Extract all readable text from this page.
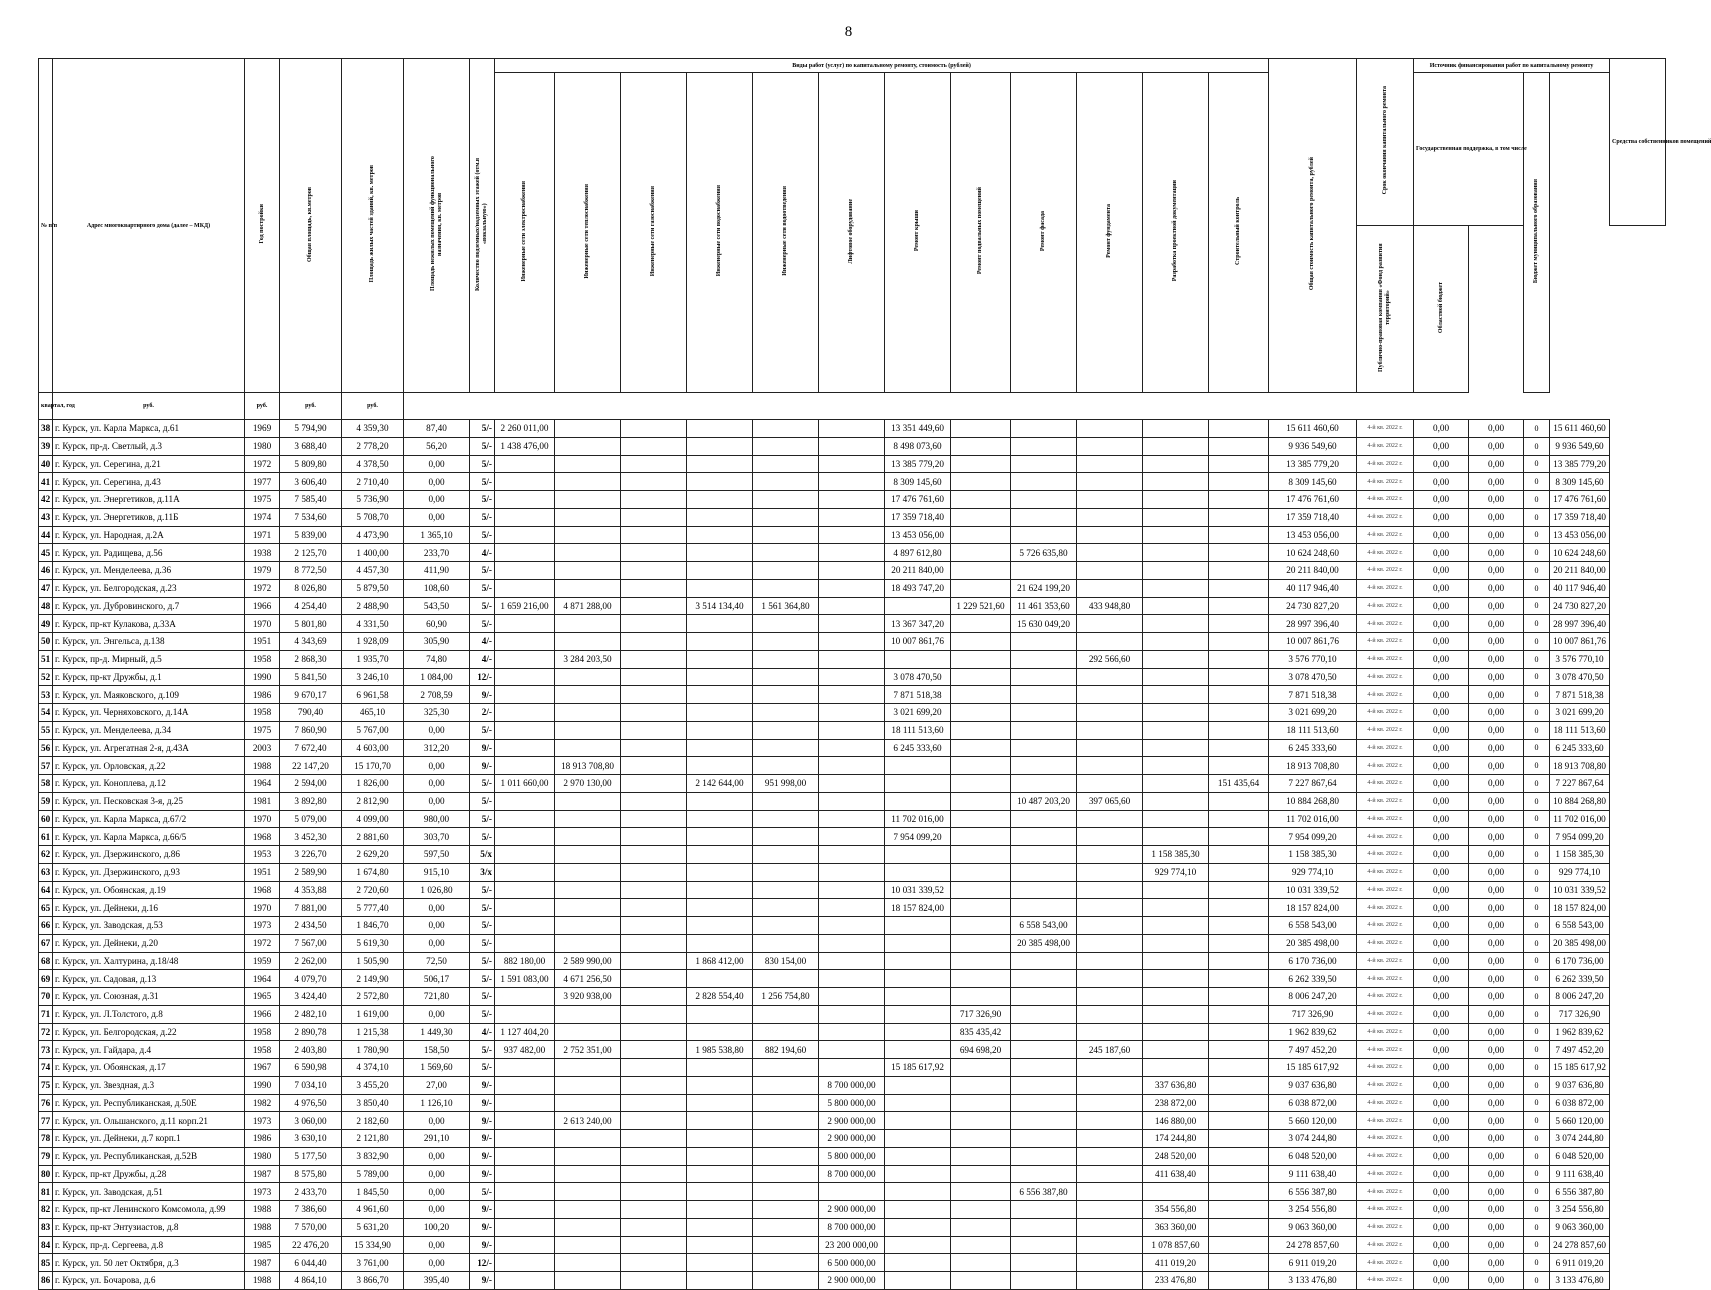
8
№ п/п	Адрес многоквартирного дома (далее – МКД)	Год постройки	Общая площадь, кв.метров	Площадь жилых частей зданий, кв. метров	Площадь нежилых помещений функционального назначения, кв. метров	Количество подземных/надземных этажей (отм.в «вокзальную»)	Виды работ (услуг) по капитальному ремонту, стоимость (рублей)												Общая стоимость капитального ремонта, рублей	Срок окончания капитального ремонта	Источник финансирования работ по капитальному ремонту				Средства собственников помещений
							Инженерные сети электроснабжения	Инженерные сети теплоснабжения	Инженерные сети газоснабжения	Инженерные сети водоснабжения	Инженерные сети водоотведения	Лифтовое оборудование	Ремонт крыши	Ремонт подвальных помещений	Ремонт фасада	Ремонт фундамента	Разработка проектной документации	Строительный контроль			Государственная поддержка, в том числе		Бюджет муниципального образования		
																				Публично-правовая компания «Фонд развития территорий»	Областной бюджет				
квартал, год	руб.	руб.	руб.	руб.																					
38	г. Курск, ул. Карла Маркса, д.61	1969	5 794,90	4 359,30	87,40	5/-	2 260 011,00						13 351 449,60						15 611 460,60	4-й кв. 2022 г.	0,00	0,00	0	15 611 460,60	
39	г. Курск, пр-д. Светлый, д.3	1980	3 688,40	2 778,20	56,20	5/-	1 438 476,00						8 498 073,60						9 936 549,60	4-й кв. 2022 г.	0,00	0,00	0	9 936 549,60	
40	г. Курск, ул. Серегина, д.21	1972	5 809,80	4 378,50	0,00	5/-							13 385 779,20						13 385 779,20	4-й кв. 2022 г.	0,00	0,00	0	13 385 779,20	
41	г. Курск, ул. Серегина, д.43	1977	3 606,40	2 710,40	0,00	5/-							8 309 145,60						8 309 145,60	4-й кв. 2022 г.	0,00	0,00	0	8 309 145,60	
42	г. Курск, ул. Энергетиков, д.11А	1975	7 585,40	5 736,90	0,00	5/-							17 476 761,60						17 476 761,60	4-й кв. 2022 г.	0,00	0,00	0	17 476 761,60	
43	г. Курск, ул. Энергетиков, д.11Б	1974	7 534,60	5 708,70	0,00	5/-							17 359 718,40						17 359 718,40	4-й кв. 2022 г.	0,00	0,00	0	17 359 718,40	
44	г. Курск, ул. Народная, д.2А	1971	5 839,00	4 473,90	1 365,10	5/-							13 453 056,00						13 453 056,00	4-й кв. 2022 г.	0,00	0,00	0	13 453 056,00	
45	г. Курск, ул. Радищева, д.56	1938	2 125,70	1 400,00	233,70	4/-							4 897 612,80		5 726 635,80				10 624 248,60	4-й кв. 2022 г.	0,00	0,00	0	10 624 248,60	
46	г. Курск, ул. Менделеева, д.36	1979	8 772,50	4 457,30	411,90	5/-							20 211 840,00						20 211 840,00	4-й кв. 2022 г.	0,00	0,00	0	20 211 840,00	
47	г. Курск, ул. Белгородская, д.23	1972	8 026,80	5 879,50	108,60	5/-							18 493 747,20		21 624 199,20				40 117 946,40	4-й кв. 2022 г.	0,00	0,00	0	40 117 946,40	
48	г. Курск, ул. Дубровинского, д.7	1966	4 254,40	2 488,90	543,50	5/-	1 659 216,00	4 871 288,00		3 514 134,40	1 561 364,80			1 229 521,60	11 461 353,60	433 948,80			24 730 827,20	4-й кв. 2022 г.	0,00	0,00	0	24 730 827,20	
49	г. Курск, пр-кт Кулакова, д.33А	1970	5 801,80	4 331,50	60,90	5/-							13 367 347,20		15 630 049,20				28 997 396,40	4-й кв. 2022 г.	0,00	0,00	0	28 997 396,40	
50	г. Курск, ул. Энгельса, д.138	1951	4 343,69	1 928,09	305,90	4/-							10 007 861,76						10 007 861,76	4-й кв. 2022 г.	0,00	0,00	0	10 007 861,76	
51	г. Курск, пр-д. Мирный, д.5	1958	2 868,30	1 935,70	74,80	4/-		3 284 203,50								292 566,60			3 576 770,10	4-й кв. 2022 г.	0,00	0,00	0	3 576 770,10	
52	г. Курск, пр-кт Дружбы, д.1	1990	5 841,50	3 246,10	1 084,00	12/-							3 078 470,50						3 078 470,50	4-й кв. 2022 г.	0,00	0,00	0	3 078 470,50	
53	г. Курск, ул. Маяковского, д.109	1986	9 670,17	6 961,58	2 708,59	9/-							7 871 518,38						7 871 518,38	4-й кв. 2022 г.	0,00	0,00	0	7 871 518,38	
54	г. Курск, ул. Черняховского, д.14А	1958	790,40	465,10	325,30	2/-							3 021 699,20						3 021 699,20	4-й кв. 2022 г.	0,00	0,00	0	3 021 699,20	
55	г. Курск, ул. Менделеева, д.34	1975	7 860,90	5 767,00	0,00	5/-							18 111 513,60						18 111 513,60	4-й кв. 2022 г.	0,00	0,00	0	18 111 513,60	
56	г. Курск, ул. Агрегатная 2-я, д.43А	2003	7 672,40	4 603,00	312,20	9/-							6 245 333,60						6 245 333,60	4-й кв. 2022 г.	0,00	0,00	0	6 245 333,60	
57	г. Курск, ул. Орловская, д.22	1988	22 147,20	15 170,70	0,00	9/-		18 913 708,80											18 913 708,80	4-й кв. 2022 г.	0,00	0,00	0	18 913 708,80	
58	г. Курск, ул. Коноплева, д.12	1964	2 594,00	1 826,00	0,00	5/-	1 011 660,00	2 970 130,00		2 142 644,00	951 998,00							151 435,64	7 227 867,64	4-й кв. 2022 г.	0,00	0,00	0	7 227 867,64	
59	г. Курск, ул. Песковская 3-я, д.25	1981	3 892,80	2 812,90	0,00	5/-									10 487 203,20	397 065,60			10 884 268,80	4-й кв. 2022 г.	0,00	0,00	0	10 884 268,80	
60	г. Курск, ул. Карла Маркса, д.67/2	1970	5 079,00	4 099,00	980,00	5/-							11 702 016,00						11 702 016,00	4-й кв. 2022 г.	0,00	0,00	0	11 702 016,00	
61	г. Курск, ул. Карла Маркса, д.66/5	1968	3 452,30	2 881,60	303,70	5/-							7 954 099,20						7 954 099,20	4-й кв. 2022 г.	0,00	0,00	0	7 954 099,20	
62	г. Курск, ул. Дзержинского, д.86	1953	3 226,70	2 629,20	597,50	5/х											1 158 385,30		1 158 385,30	4-й кв. 2022 г.	0,00	0,00	0	1 158 385,30	
63	г. Курск, ул. Дзержинского, д.93	1951	2 589,90	1 674,80	915,10	3/х											929 774,10		929 774,10	4-й кв. 2022 г.	0,00	0,00	0	929 774,10	
64	г. Курск, ул. Обоянская, д.19	1968	4 353,88	2 720,60	1 026,80	5/-							10 031 339,52						10 031 339,52	4-й кв. 2022 г.	0,00	0,00	0	10 031 339,52	
65	г. Курск, ул. Дейнеки, д.16	1970	7 881,00	5 777,40	0,00	5/-							18 157 824,00						18 157 824,00	4-й кв. 2022 г.	0,00	0,00	0	18 157 824,00	
66	г. Курск, ул. Заводская, д.53	1973	2 434,50	1 846,70	0,00	5/-									6 558 543,00				6 558 543,00	4-й кв. 2022 г.	0,00	0,00	0	6 558 543,00	
67	г. Курск, ул. Дейнеки, д.20	1972	7 567,00	5 619,30	0,00	5/-									20 385 498,00				20 385 498,00	4-й кв. 2022 г.	0,00	0,00	0	20 385 498,00	
68	г. Курск, ул. Халтурина, д.18/48	1959	2 262,00	1 505,90	72,50	5/-	882 180,00	2 589 990,00		1 868 412,00	830 154,00								6 170 736,00	4-й кв. 2022 г.	0,00	0,00	0	6 170 736,00	
69	г. Курск, ул. Садовая, д.13	1964	4 079,70	2 149,90	506,17	5/-	1 591 083,00	4 671 256,50											6 262 339,50	4-й кв. 2022 г.	0,00	0,00	0	6 262 339,50	
70	г. Курск, ул. Союзная, д.31	1965	3 424,40	2 572,80	721,80	5/-		3 920 938,00		2 828 554,40	1 256 754,80								8 006 247,20	4-й кв. 2022 г.	0,00	0,00	0	8 006 247,20	
71	г. Курск, ул. Л.Толстого, д.8	1966	2 482,10	1 619,00	0,00	5/-								717 326,90					717 326,90	4-й кв. 2022 г.	0,00	0,00	0	717 326,90	
72	г. Курск, ул. Белгородская, д.22	1958	2 890,78	1 215,38	1 449,30	4/-	1 127 404,20							835 435,42					1 962 839,62	4-й кв. 2022 г.	0,00	0,00	0	1 962 839,62	
73	г. Курск, ул. Гайдара, д.4	1958	2 403,80	1 780,90	158,50	5/-	937 482,00	2 752 351,00		1 985 538,80	882 194,60			694 698,20		245 187,60			7 497 452,20	4-й кв. 2022 г.	0,00	0,00	0	7 497 452,20	
74	г. Курск, ул. Обоянская, д.17	1967	6 590,98	4 374,10	1 569,60	5/-							15 185 617,92						15 185 617,92	4-й кв. 2022 г.	0,00	0,00	0	15 185 617,92	
75	г. Курск, ул. Звездная, д.3	1990	7 034,10	3 455,20	27,00	9/-						8 700 000,00					337 636,80		9 037 636,80	4-й кв. 2022 г.	0,00	0,00	0	9 037 636,80	
76	г. Курск, ул. Республиканская, д.50Е	1982	4 976,50	3 850,40	1 126,10	9/-						5 800 000,00					238 872,00		6 038 872,00	4-й кв. 2022 г.	0,00	0,00	0	6 038 872,00	
77	г. Курск, ул. Ольшанского, д.11 корп.21	1973	3 060,00	2 182,60	0,00	9/-		2 613 240,00				2 900 000,00					146 880,00		5 660 120,00	4-й кв. 2022 г.	0,00	0,00	0	5 660 120,00	
78	г. Курск, ул. Дейнеки, д.7 корп.1	1986	3 630,10	2 121,80	291,10	9/-						2 900 000,00					174 244,80		3 074 244,80	4-й кв. 2022 г.	0,00	0,00	0	3 074 244,80	
79	г. Курск, ул. Республиканская, д.52В	1980	5 177,50	3 832,90	0,00	9/-						5 800 000,00					248 520,00		6 048 520,00	4-й кв. 2022 г.	0,00	0,00	0	6 048 520,00	
80	г. Курск, пр-кт Дружбы, д.28	1987	8 575,80	5 789,00	0,00	9/-						8 700 000,00					411 638,40		9 111 638,40	4-й кв. 2022 г.	0,00	0,00	0	9 111 638,40	
81	г. Курск, ул. Заводская, д.51	1973	2 433,70	1 845,50	0,00	5/-									6 556 387,80				6 556 387,80	4-й кв. 2022 г.	0,00	0,00	0	6 556 387,80	
82	г. Курск, пр-кт Ленинского Комсомола, д.99	1988	7 386,60	4 961,60	0,00	9/-						2 900 000,00					354 556,80		3 254 556,80	4-й кв. 2022 г.	0,00	0,00	0	3 254 556,80	
83	г. Курск, пр-кт Энтузиастов, д.8	1988	7 570,00	5 631,20	100,20	9/-						8 700 000,00					363 360,00		9 063 360,00	4-й кв. 2022 г.	0,00	0,00	0	9 063 360,00	
84	г. Курск, пр-д. Сергеева, д.8	1985	22 476,20	15 334,90	0,00	9/-						23 200 000,00					1 078 857,60		24 278 857,60	4-й кв. 2022 г.	0,00	0,00	0	24 278 857,60	
85	г. Курск, ул. 50 лет Октября, д.3	1987	6 044,40	3 761,00	0,00	12/-						6 500 000,00					411 019,20		6 911 019,20	4-й кв. 2022 г.	0,00	0,00	0	6 911 019,20	
86	г. Курск, ул. Бочарова, д.6	1988	4 864,10	3 866,70	395,40	9/-						2 900 000,00					233 476,80		3 133 476,80	4-й кв. 2022 г.	0,00	0,00	0	3 133 476,80	
